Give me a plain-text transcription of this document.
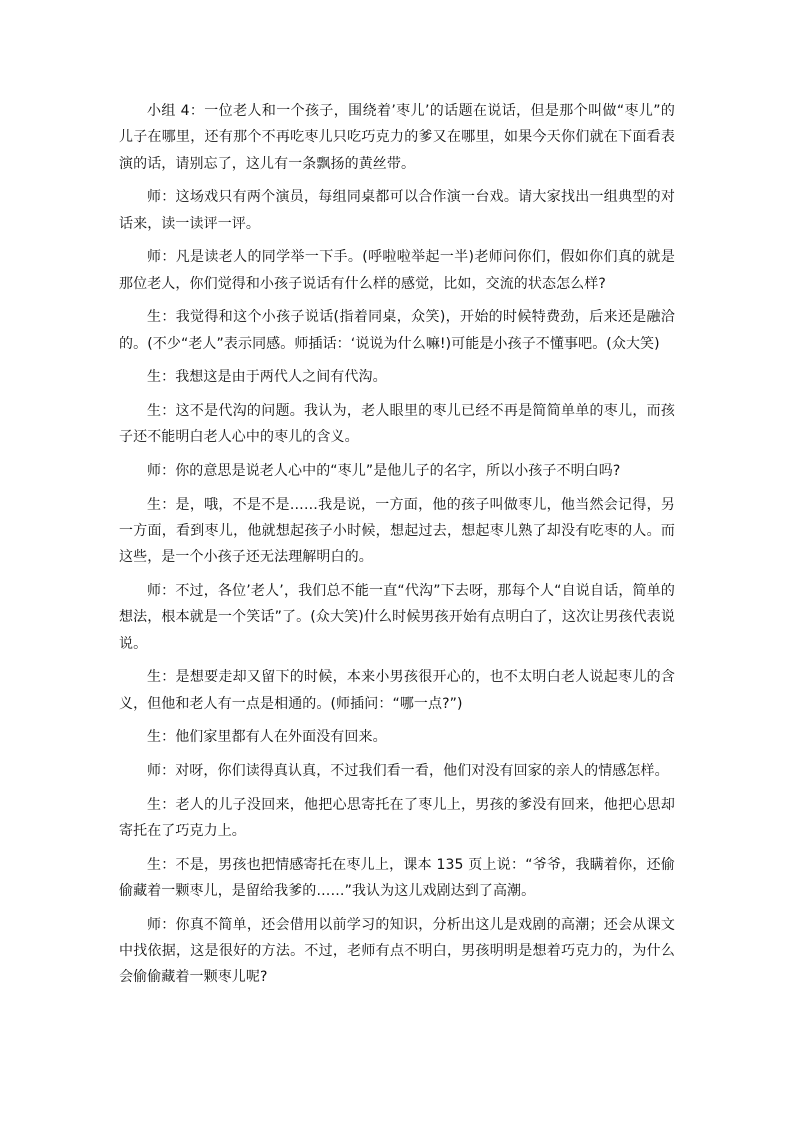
小组 4：一位老人和一个孩子，围绕着’枣儿’的话题在说话，但是那个叫做“枣儿”的儿子在哪里，还有那个不再吃枣儿只吃巧克力的爹又在哪里，如果今天你们就在下面看表演的话，请别忘了，这儿有一条飘扬的黄丝带。

师：这场戏只有两个演员，每组同桌都可以合作演一台戏。请大家找出一组典型的对话来，读一读评一评。

师：凡是读老人的同学举一下手。(呼啦啦举起一半)老师问你们，假如你们真的就是那位老人，你们觉得和小孩子说话有什么样的感觉，比如，交流的状态怎么样?

生：我觉得和这个小孩子说话(指着同桌，众笑)，开始的时候特费劲，后来还是融洽的。(不少“老人”表示同感。师插话：‘说说为什么嘛!)可能是小孩子不懂事吧。(众大笑)

生：我想这是由于两代人之间有代沟。

生：这不是代沟的问题。我认为，老人眼里的枣儿已经不再是简简单单的枣儿，而孩子还不能明白老人心中的枣儿的含义。

师：你的意思是说老人心中的“枣儿”是他儿子的名字，所以小孩子不明白吗?

生：是，哦，不是不是……我是说，一方面，他的孩子叫做枣儿，他当然会记得，另一方面，看到枣儿，他就想起孩子小时候，想起过去，想起枣儿熟了却没有吃枣的人。而这些，是一个小孩子还无法理解明白的。

师：不过，各位’老人’，我们总不能一直“代沟”下去呀，那每个人“自说自话，简单的想法，根本就是一个笑话”了。(众大笑)什么时候男孩开始有点明白了，这次让男孩代表说说。

生：是想要走却又留下的时候，本来小男孩很开心的，也不太明白老人说起枣儿的含义，但他和老人有一点是相通的。(师插问：“哪一点?”)

生：他们家里都有人在外面没有回来。

师：对呀，你们读得真认真，不过我们看一看，他们对没有回家的亲人的情感怎样。

生：老人的儿子没回来，他把心思寄托在了枣儿上，男孩的爹没有回来，他把心思却寄托在了巧克力上。

生：不是，男孩也把情感寄托在枣儿上，课本 135 页上说：“爷爷，我瞒着你，还偷偷藏着一颗枣儿，是留给我爹的……”我认为这儿戏剧达到了高潮。

师：你真不简单，还会借用以前学习的知识，分析出这儿是戏剧的高潮；还会从课文中找依据，这是很好的方法。不过，老师有点不明白，男孩明明是想着巧克力的，为什么会偷偷藏着一颗枣儿呢?
